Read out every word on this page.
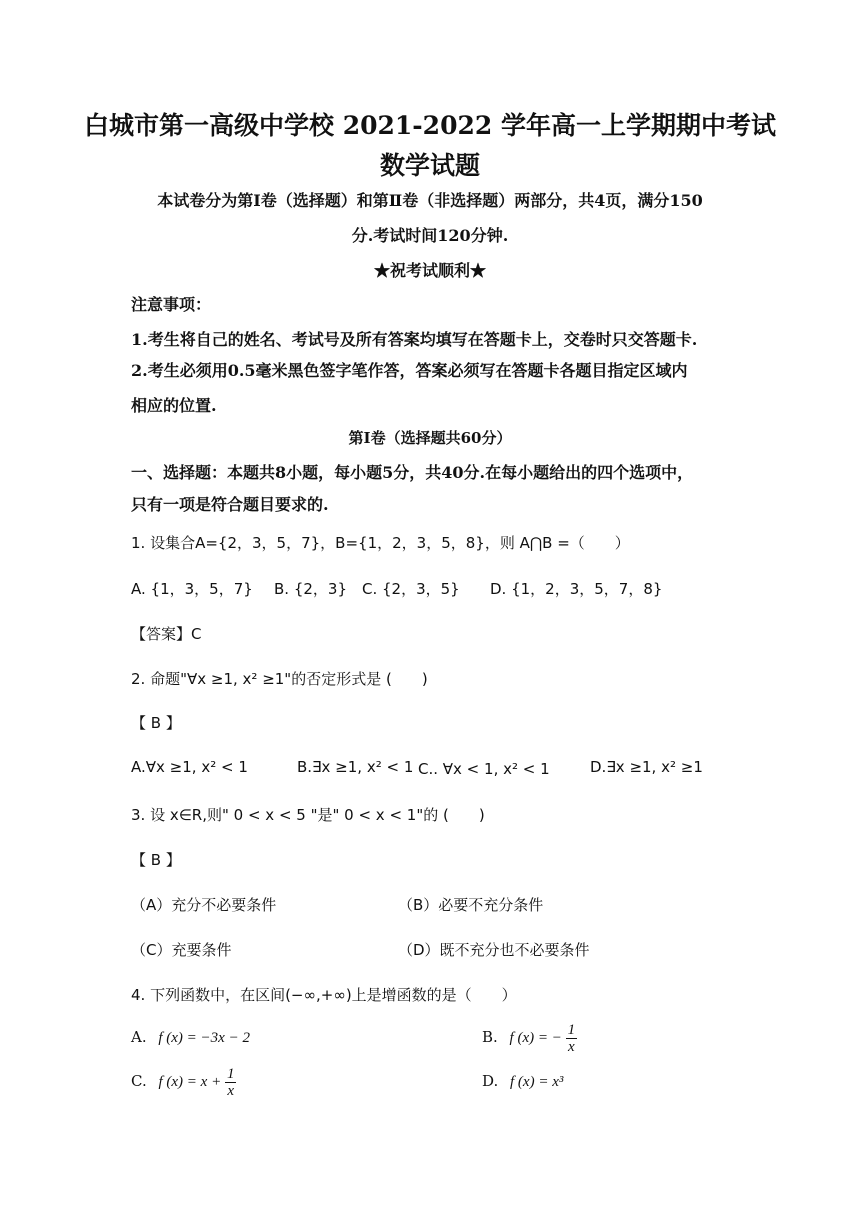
白城市第一高级中学校 2021-2022 学年高一上学期期中考试
数学试题
本试卷分为第Ⅰ卷（选择题）和第Ⅱ卷（非选择题）两部分，共4页，满分150
分.考试时间120分钟.
★祝考试顺利★
注意事项：
1.考生将自己的姓名、考试号及所有答案均填写在答题卡上，交卷时只交答题卡.
2.考生必须用0.5毫米黑色签字笔作答，答案必须写在答题卡各题目指定区域内
相应的位置.
第Ⅰ卷（选择题共60分）
一、选择题：本题共8小题，每小题5分，共40分.在每小题给出的四个选项中，
只有一项是符合题目要求的.
1. 设集合A={2，3，5，7}，B={1，2，3，5，8}，则 A⋂B =（　　）
A. {1，3，5，7} B. {2，3} C. {2，3，5} D. {1，2，3，5，7，8}
【答案】C
2. 命题"∀x ≥1, x² ≥1"的否定形式是 (　　)
【 B 】
A.∀x ≥1, x² < 1	B.∃x ≥1, x² < 1 C.. ∀x < 1, x² < 1	D.∃x ≥1, x² ≥1
3. 设 x∈R,则" 0 < x < 5 "是" 0 < x < 1"的 (　　)
【 B 】
（A）充分不必要条件	（B）必要不充分条件
（C）充要条件	（D）既不充分也不必要条件
4. 下列函数中，在区间(−∞,+∞)上是增函数的是（　　）
A. f (x) = −3x − 2	B. f (x) = − $\frac{1}{x}$
C. f $(x) = x + \frac{1}{x}$	D. f (x) = x³
